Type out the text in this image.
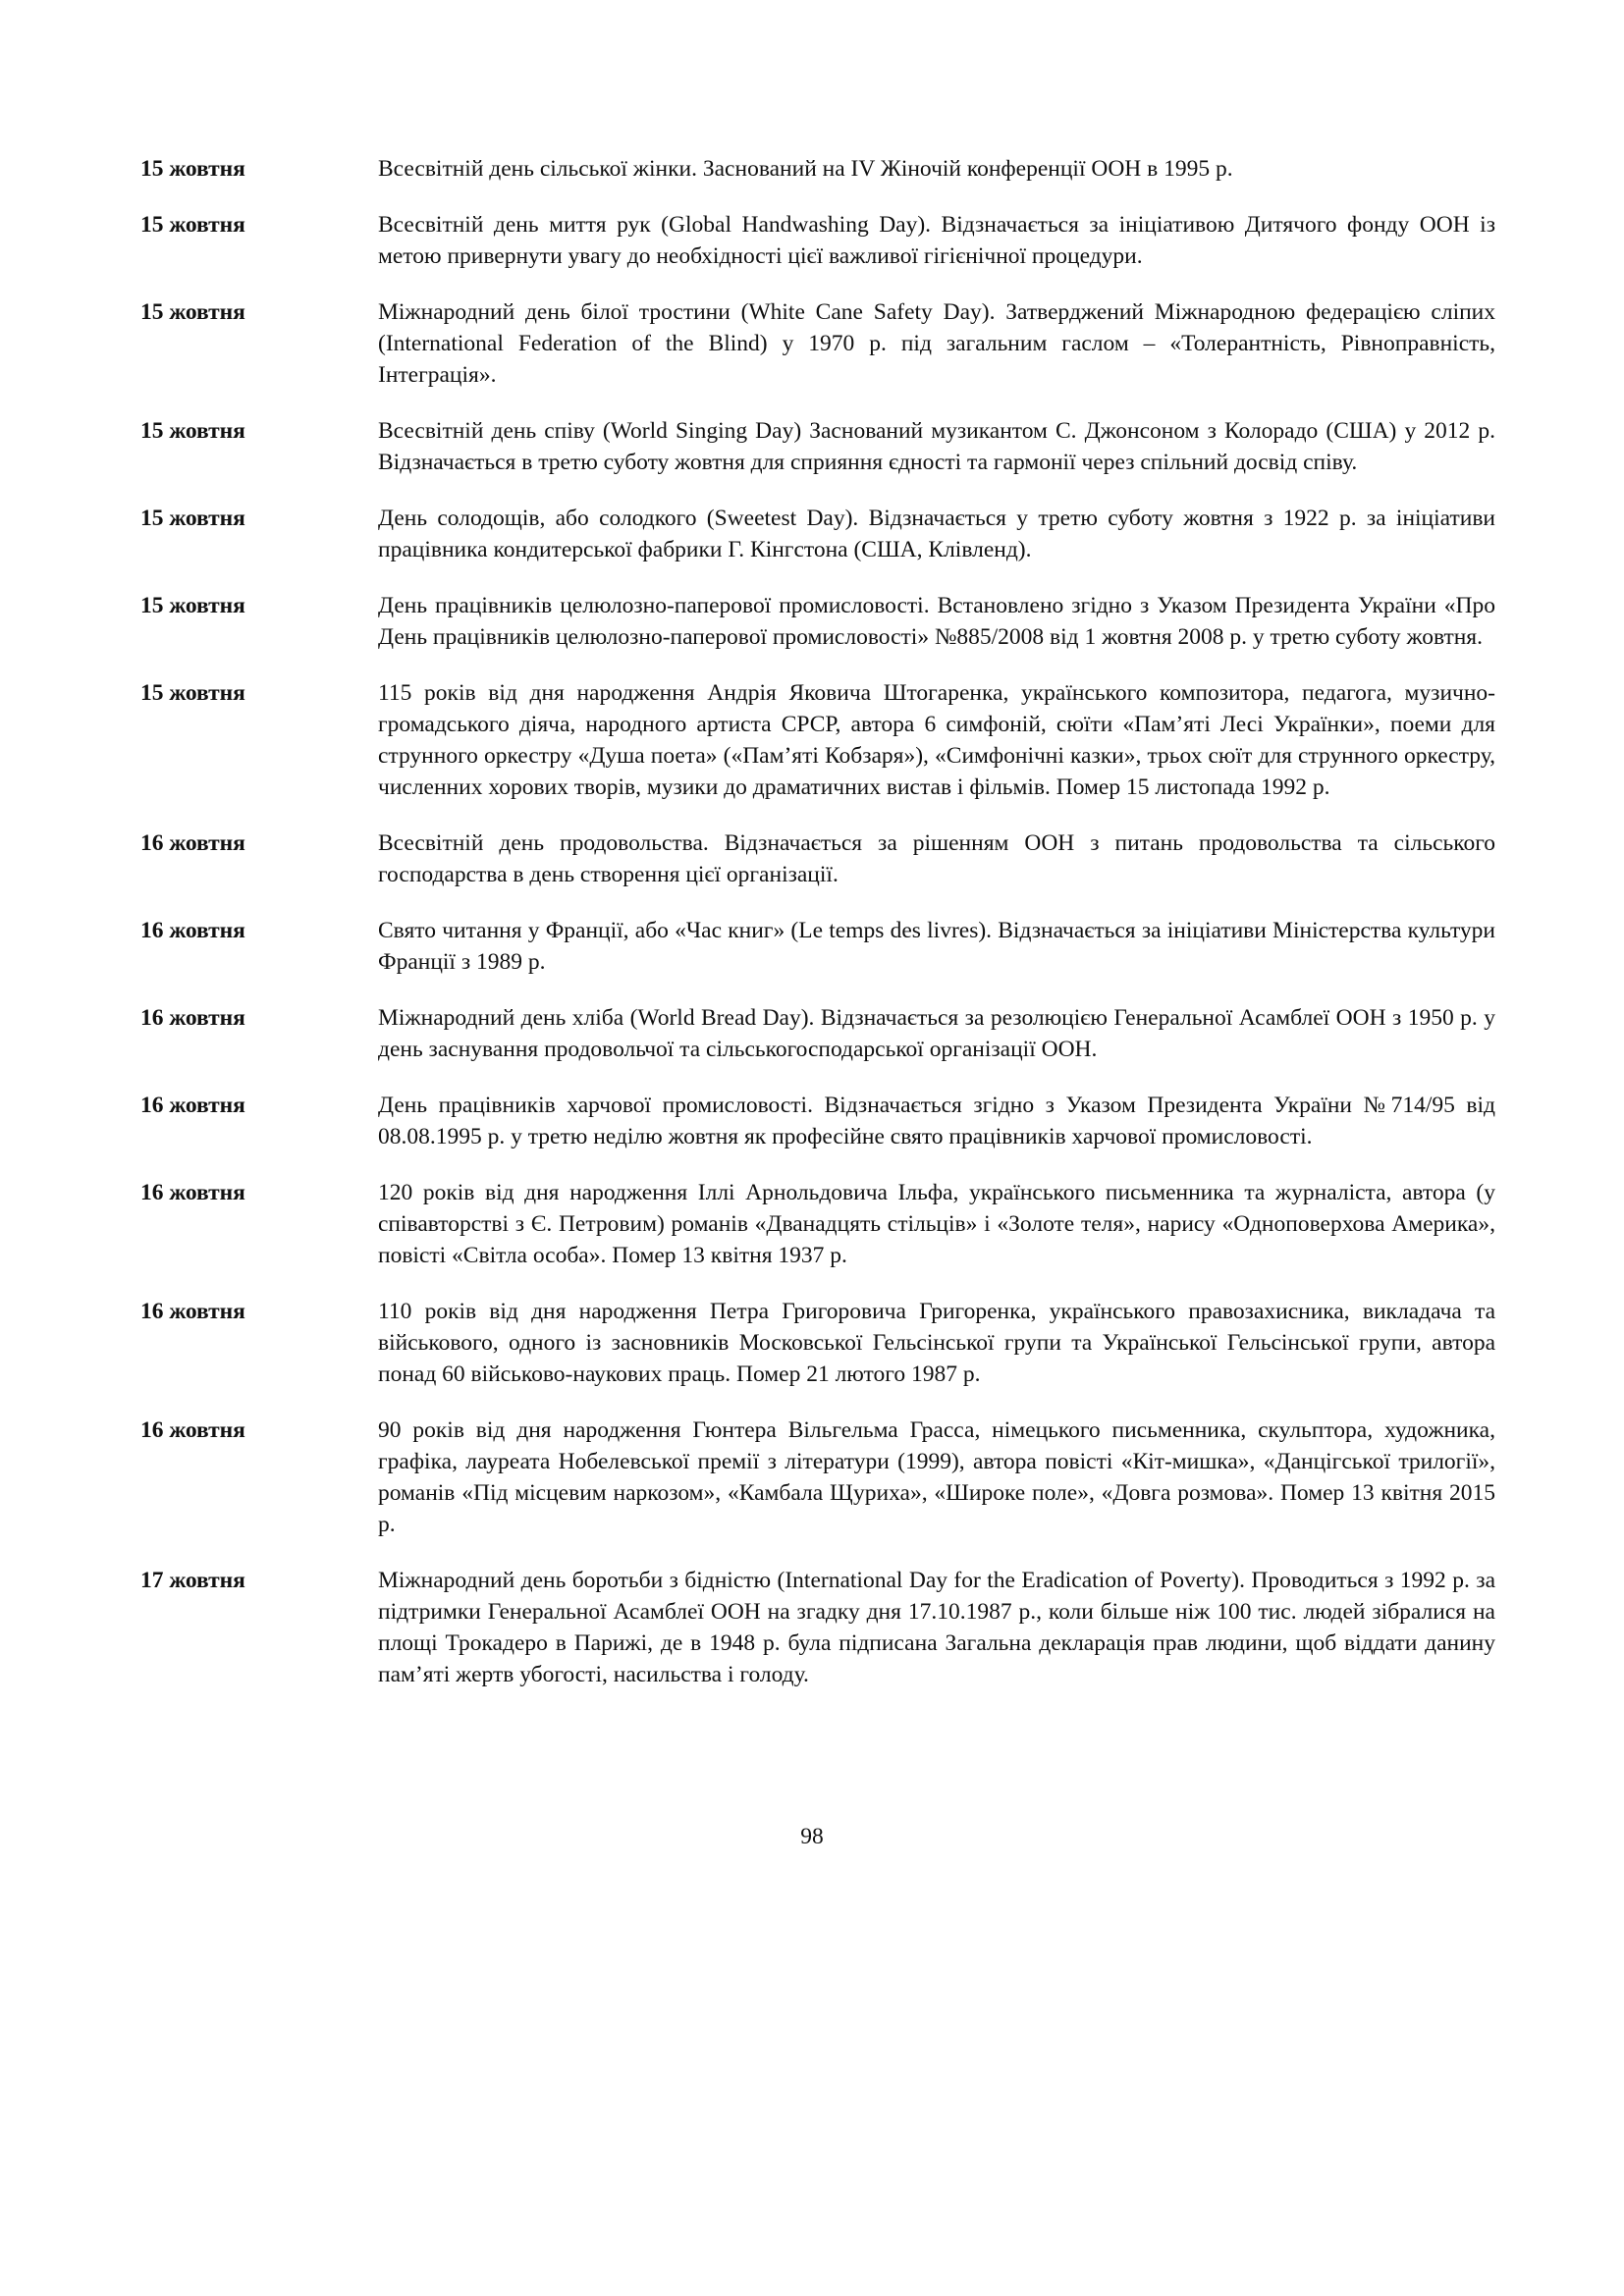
15 жовтня	Всесвітній день сільської жінки. Заснований на IV Жіночій конференції ООН в 1995 р.
15 жовтня	Всесвітній день миття рук (Global Handwashing Day). Відзначається за ініціативою Дитячого фонду ООН із метою привернути увагу до необхідності цієї важливої гігієнічної процедури.
15 жовтня	Міжнародний день білої тростини (White Cane Safety Day). Затверджений Міжнародною федерацією сліпих (International Federation of the Blind) у 1970 р. під загальним гаслом – «Толерантність, Рівноправність, Інтеграція».
15 жовтня	Всесвітній день співу (World Singing Day) Заснований музикантом С. Джонсоном з Колорадо (США) у 2012 р. Відзначається в третю суботу жовтня для сприяння єдності та гармонії через спільний досвід співу.
15 жовтня	День солодощів, або солодкого (Sweetest Day). Відзначається у третю суботу жовтня з 1922 р. за ініціативи працівника кондитерської фабрики Г. Кінгстона (США, Клівленд).
15 жовтня	День працівників целюлозно-паперової промисловості. Встановлено згідно з Указом Президента України «Про День працівників целюлозно-паперової промисловості» №885/2008 від 1 жовтня 2008 р. у третю суботу жовтня.
15 жовтня	115 років від дня народження Андрія Яковича Штогаренка, українського композитора, педагога, музично-громадського діяча, народного артиста СРСР, автора 6 симфоній, сюїти «Пам’яті Лесі Українки», поеми для струнного оркестру «Душа поета» («Пам’яті Кобзаря»), «Симфонічні казки», трьох сюїт для струнного оркестру, численних хорових творів, музики до драматичних вистав і фільмів. Помер 15 листопада 1992 р.
16 жовтня	Всесвітній день продовольства. Відзначається за рішенням ООН з питань продовольства та сільського господарства в день створення цієї організації.
16 жовтня	Свято читання у Франції, або «Час книг» (Le temps des livres). Відзначається за ініціативи Міністерства культури Франції з 1989 р.
16 жовтня	Міжнародний день хліба (World Bread Day). Відзначається за резолюцією Генеральної Асамблеї ООН з 1950 р. у день заснування продовольчої та сільськогосподарської організації ООН.
16 жовтня	День працівників харчової промисловості. Відзначається згідно з Указом Президента України №714/95 від 08.08.1995 р. у третю неділю жовтня як професійне свято працівників харчової промисловості.
16 жовтня	120 років від дня народження Іллі Арнольдовича Ільфа, українського письменника та журналіста, автора (у співавторстві з Є. Петровим) романів «Дванадцять стільців» і «Золоте теля», нарису «Одноповерхова Америка», повісті «Світла особа». Помер 13 квітня 1937 р.
16 жовтня	110 років від дня народження Петра Григоровича Григоренка, українського правозахисника, викладача та військового, одного із засновників Московської Гельсінської групи та Української Гельсінської групи, автора понад 60 військово-наукових праць. Помер 21 лютого 1987 р.
16 жовтня	90 років від дня народження Гюнтера Вільгельма Грасса, німецького письменника, скульптора, художника, графіка, лауреата Нобелевської премії з літератури (1999), автора повісті «Кіт-мишка», «Данцігської трилогії», романів «Під місцевим наркозом», «Камбала Щуриха», «Широке поле», «Довга розмова». Помер 13 квітня 2015 р.
17 жовтня	Міжнародний день боротьби з бідністю (International Day for the Eradication of Poverty). Проводиться з 1992 р. за підтримки Генеральної Асамблеї ООН на згадку дня 17.10.1987 р., коли більше ніж 100 тис. людей зібралися на площі Трокадеро в Парижі, де в 1948 р. була підписана Загальна декларація прав людини, щоб віддати данину пам’яті жертв убогості, насильства і голоду.
98
